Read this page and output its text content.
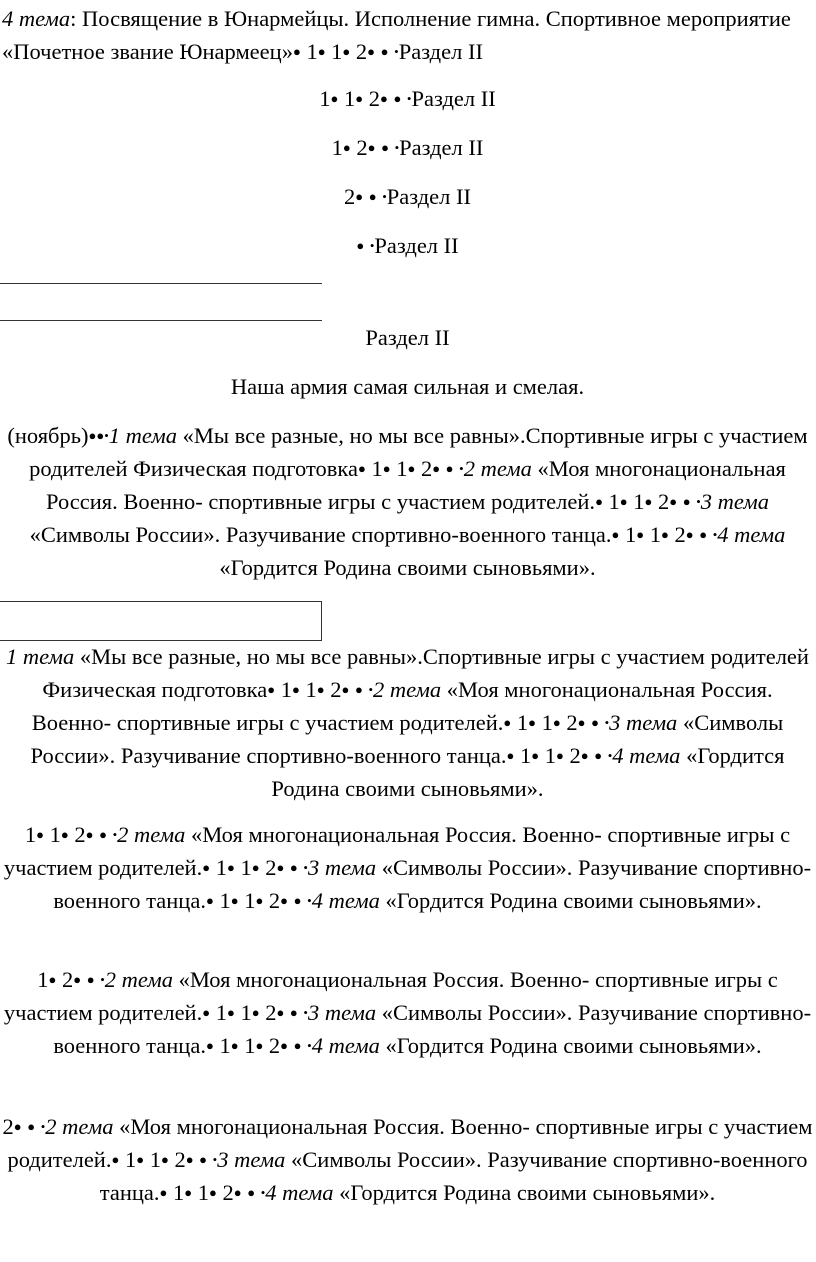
4 тема: Посвящение в Юнармейцы. Исполнение гимна. Спортивное мероприятие «Почетное звание Юнармеец»● 1● 1● 2● ● •Раздел II

1● 1● 2● ● •Раздел II

1● 2● ● •Раздел II

2● ● •Раздел II

● •Раздел II

Раздел II

Наша армия самая сильная и смелая.

(ноябрь)●●•1 тема «Мы все разные, но мы все равны».Спортивные игры с участием родителей Физическая подготовка● 1● 1● 2● ● •2 тема «Моя многонациональная Россия. Военно- спортивные игры с участием родителей.● 1● 1● 2● ● •3 тема «Символы России». Разучивание спортивно-военного танца.● 1● 1● 2● ● •4 тема «Гордится Родина своими сыновьями».

1 тема «Мы все разные, но мы все равны».Спортивные игры с участием родителей Физическая подготовка● 1● 1● 2● ● •2 тема «Моя многонациональная Россия. Военно- спортивные игры с участием родителей.● 1● 1● 2● ● •3 тема «Символы России». Разучивание спортивно-военного танца.● 1● 1● 2● ● •4 тема «Гордится Родина своими сыновьями».

1● 1● 2● ● •2 тема «Моя многонациональная Россия. Военно- спортивные игры с участием родителей.● 1● 1● 2● ● •3 тема «Символы России». Разучивание спортивно-военного танца.● 1● 1● 2● ● •4 тема «Гордится Родина своими сыновьями».

1● 2● ● •2 тема «Моя многонациональная Россия. Военно- спортивные игры с участием родителей.● 1● 1● 2● ● •3 тема «Символы России». Разучивание спортивно-военного танца.● 1● 1● 2● ● •4 тема «Гордится Родина своими сыновьями».

2● ● •2 тема «Моя многонациональная Россия. Военно- спортивные игры с участием родителей.● 1● 1● 2● ● •3 тема «Символы России». Разучивание спортивно-военного танца.● 1● 1● 2● ● •4 тема «Гордится Родина своими сыновьями».
